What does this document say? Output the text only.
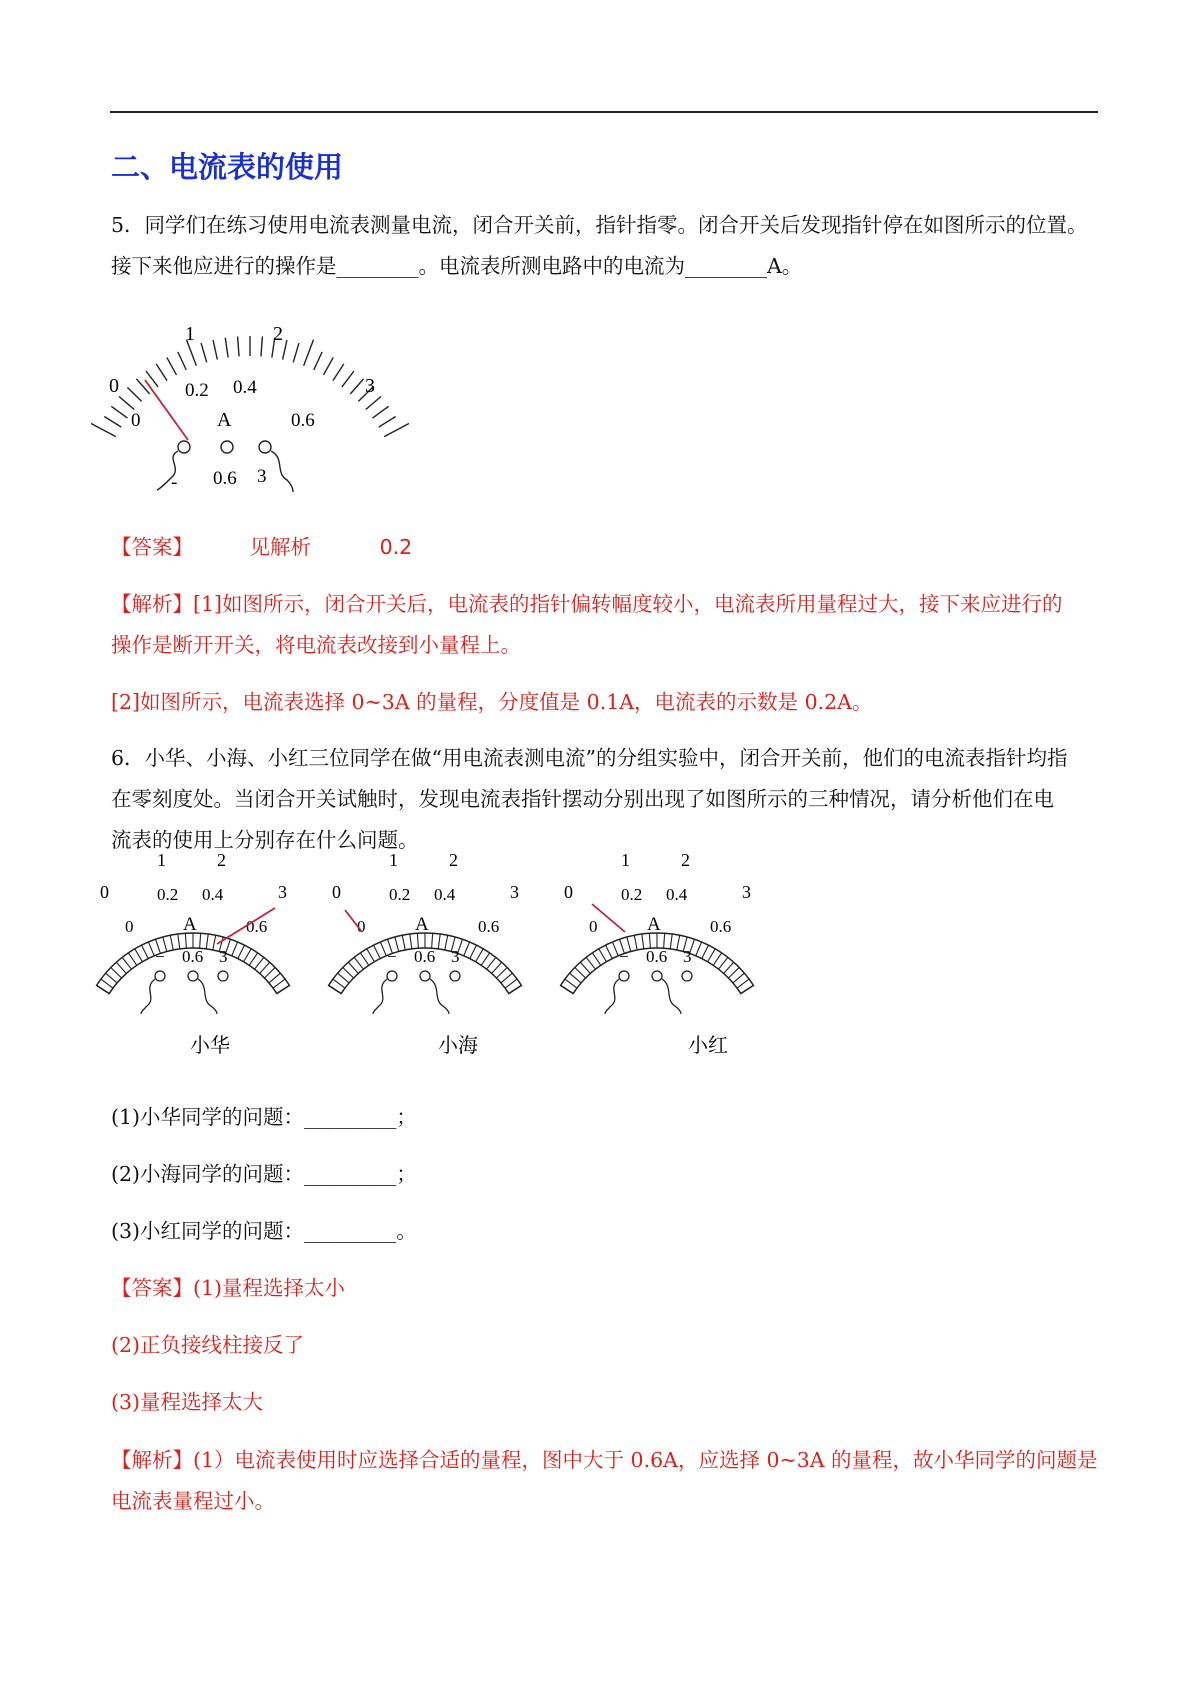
二、电流表的使用
5．同学们在练习使用电流表测量电流，闭合开关前，指针指零。闭合开关后发现指针停在如图所示的位置。
接下来他应进行的操作是________。电流表所测电路中的电流为________A。
0
1	2
3
0
0.2 0.4
0.6
A
- 0.6 3
【答案】	见解析	0.2
【解析】[1]如图所示，闭合开关后，电流表的指针偏转幅度较小，电流表所用量程过大，接下来应进行的
操作是断开开关，将电流表改接到小量程上。
[2]如图所示，电流表选择 0~3A 的量程，分度值是 0.1A，电流表的示数是 0.2A。
6．小华、小海、小红三位同学在做“用电流表测电流”的分组实验中，闭合开关前，他们的电流表指针均指
在零刻度处。当闭合开关试触时，发现电流表指针摆动分别出现了如图所示的三种情况，请分析他们在电
流表的使用上分别存在什么问题。
0
1	2
3
0
0.2 0.4
0.6
A
− 0.6 3
0
1	2
3
0
0.2 0.4
0.6
A
− 0.6 3
0
1	2
3
0
0.2 0.4
0.6
A
− 0.6 3
小华	小海	小红
(1)小华同学的问题：_________；
(2)小海同学的问题：_________；
(3)小红同学的问题：_________。
【答案】(1)量程选择太小
(2)正负接线柱接反了
(3)量程选择太大
【解析】(1）电流表使用时应选择合适的量程，图中大于 0.6A，应选择 0~3A 的量程，故小华同学的问题是
电流表量程过小。
